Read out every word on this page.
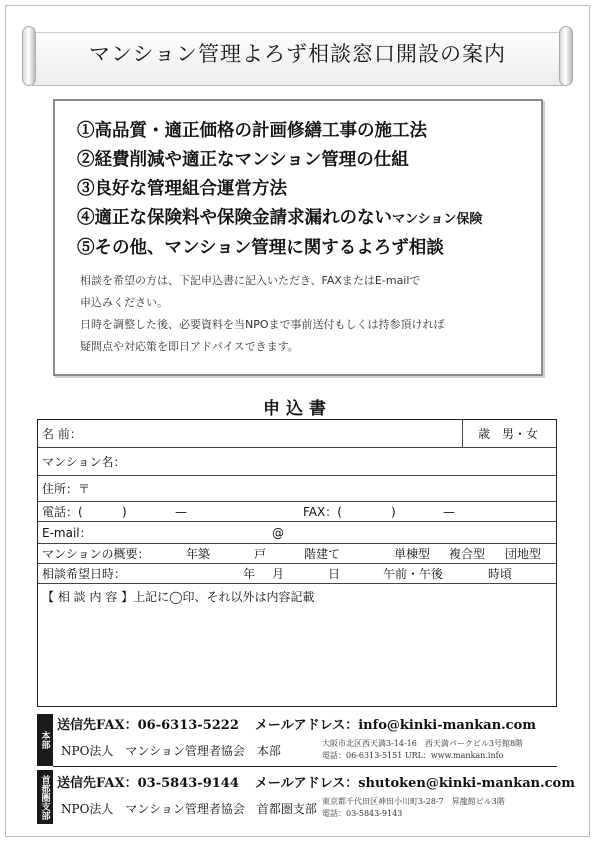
マンション管理よろず相談窓口開設の案内
①高品質・適正価格の計画修繕工事の施工法
②経費削減や適正なマンション管理の仕組
③良好な管理組合運営方法
④適正な保険料や保険金請求漏れのないマンション保険
⑤その他、マンション管理に関するよろず相談

相談を希望の方は、下記申込書に記入いただき、FAXまたはE-mailで

申込みください。

日時を調整した後、必要資料を当NPOまで事前送付もしくは持参頂ければ

疑問点や対応策を即日アドバイスできます。

申込書
名 前：	歳 男・女
マンション名：
住所：〒
電話：(	)	—	FAX：(	)	—
E-mail：	@
マンションの概要：	年築	戸	階建て	単棟型 複合型 団地型
相談希望日時：	年 月	日	午前・午後	時頃
【 相 談 内 容 】上記に◯印、それ以外は内容記載
本部
送信先FAX：06-6313-5222 メールアドレス：info@kinki-mankan.com
NPO法人　マンション管理者協会　本部

大阪市北区西天満3-14-16　西天満パークビル3号館8階

電話：06-6313-5151 URL：www.mankan.info

首都圏支部 送信先FAX：03-5843-9144 メールアドレス：shutoken@kinki-mankan.com
NPO法人　マンション管理者協会　首都圏支部

東京都千代田区神田小川町3-28-7　昇龍館ビル3階

電話：03-5843-9143
